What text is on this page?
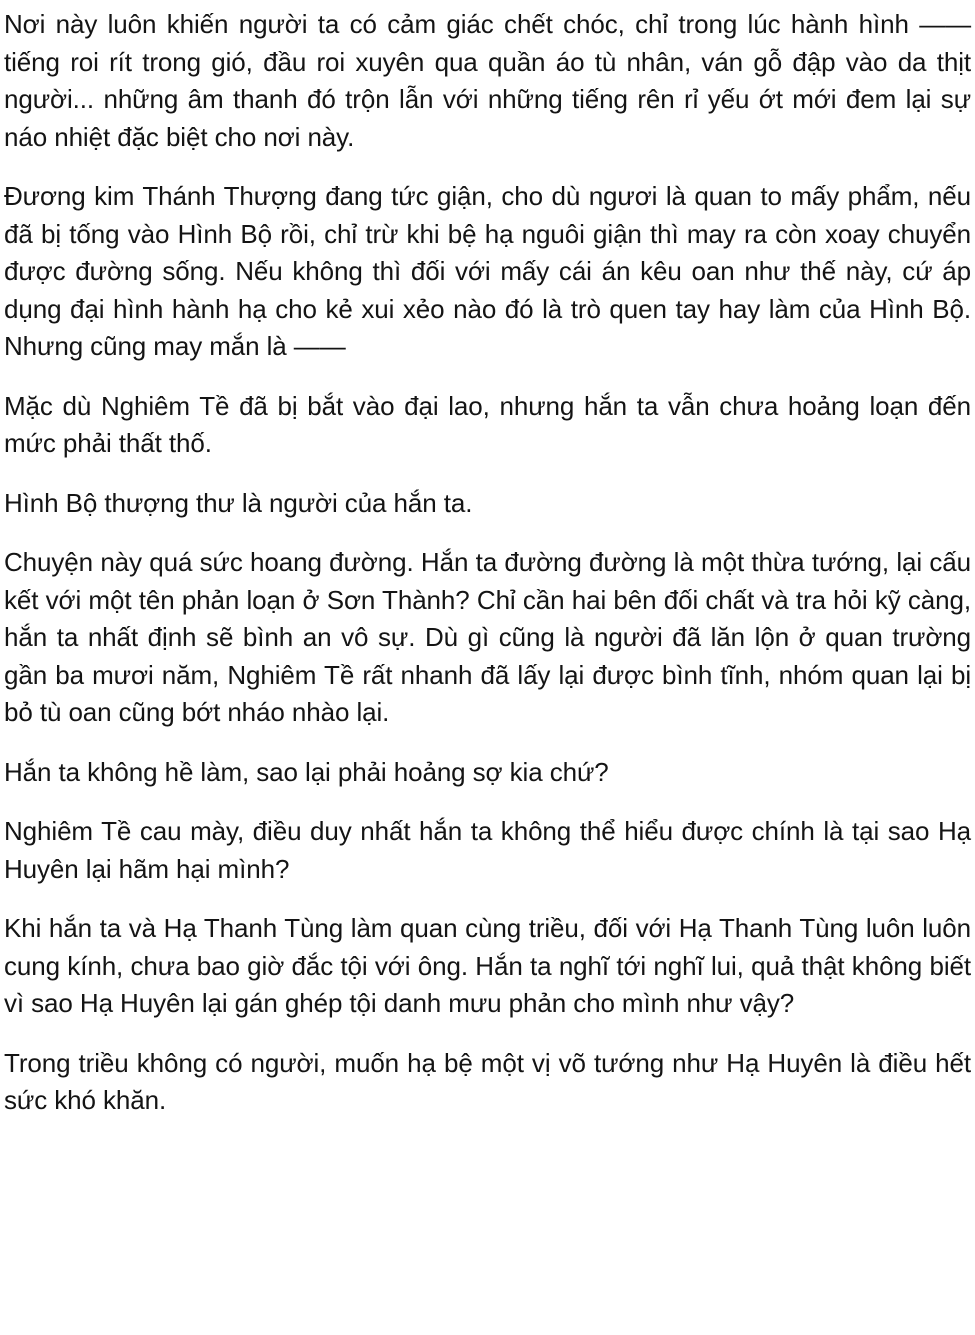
Nơi này luôn khiến người ta có cảm giác chết chóc, chỉ trong lúc hành hình —— tiếng roi rít trong gió, đầu roi xuyên qua quần áo tù nhân, ván gỗ đập vào da thịt người... những âm thanh đó trộn lẫn với những tiếng rên rỉ yếu ớt mới đem lại sự náo nhiệt đặc biệt cho nơi này.

Đương kim Thánh Thượng đang tức giận, cho dù ngươi là quan to mấy phẩm, nếu đã bị tống vào Hình Bộ rồi, chỉ trừ khi bệ hạ nguôi giận thì may ra còn xoay chuyển được đường sống. Nếu không thì đối với mấy cái án kêu oan như thế này, cứ áp dụng đại hình hành hạ cho kẻ xui xẻo nào đó là trò quen tay hay làm của Hình Bộ. Nhưng cũng may mắn là ——

Mặc dù Nghiêm Tề đã bị bắt vào đại lao, nhưng hắn ta vẫn chưa hoảng loạn đến mức phải thất thố.

Hình Bộ thượng thư là người của hắn ta.

Chuyện này quá sức hoang đường. Hắn ta đường đường là một thừa tướng, lại cấu kết với một tên phản loạn ở Sơn Thành? Chỉ cần hai bên đối chất và tra hỏi kỹ càng, hắn ta nhất định sẽ bình an vô sự. Dù gì cũng là người đã lăn lộn ở quan trường gần ba mươi năm, Nghiêm Tề rất nhanh đã lấy lại được bình tĩnh, nhóm quan lại bị bỏ tù oan cũng bớt nháo nhào lại.

Hắn ta không hề làm, sao lại phải hoảng sợ kia chứ?

Nghiêm Tề cau mày, điều duy nhất hắn ta không thể hiểu được chính là tại sao Hạ Huyên lại hãm hại mình?

Khi hắn ta và Hạ Thanh Tùng làm quan cùng triều, đối với Hạ Thanh Tùng luôn luôn cung kính, chưa bao giờ đắc tội với ông. Hắn ta nghĩ tới nghĩ lui, quả thật không biết vì sao Hạ Huyên lại gán ghép tội danh mưu phản cho mình như vậy?

Trong triều không có người, muốn hạ bệ một vị võ tướng như Hạ Huyên là điều hết sức khó khăn.
